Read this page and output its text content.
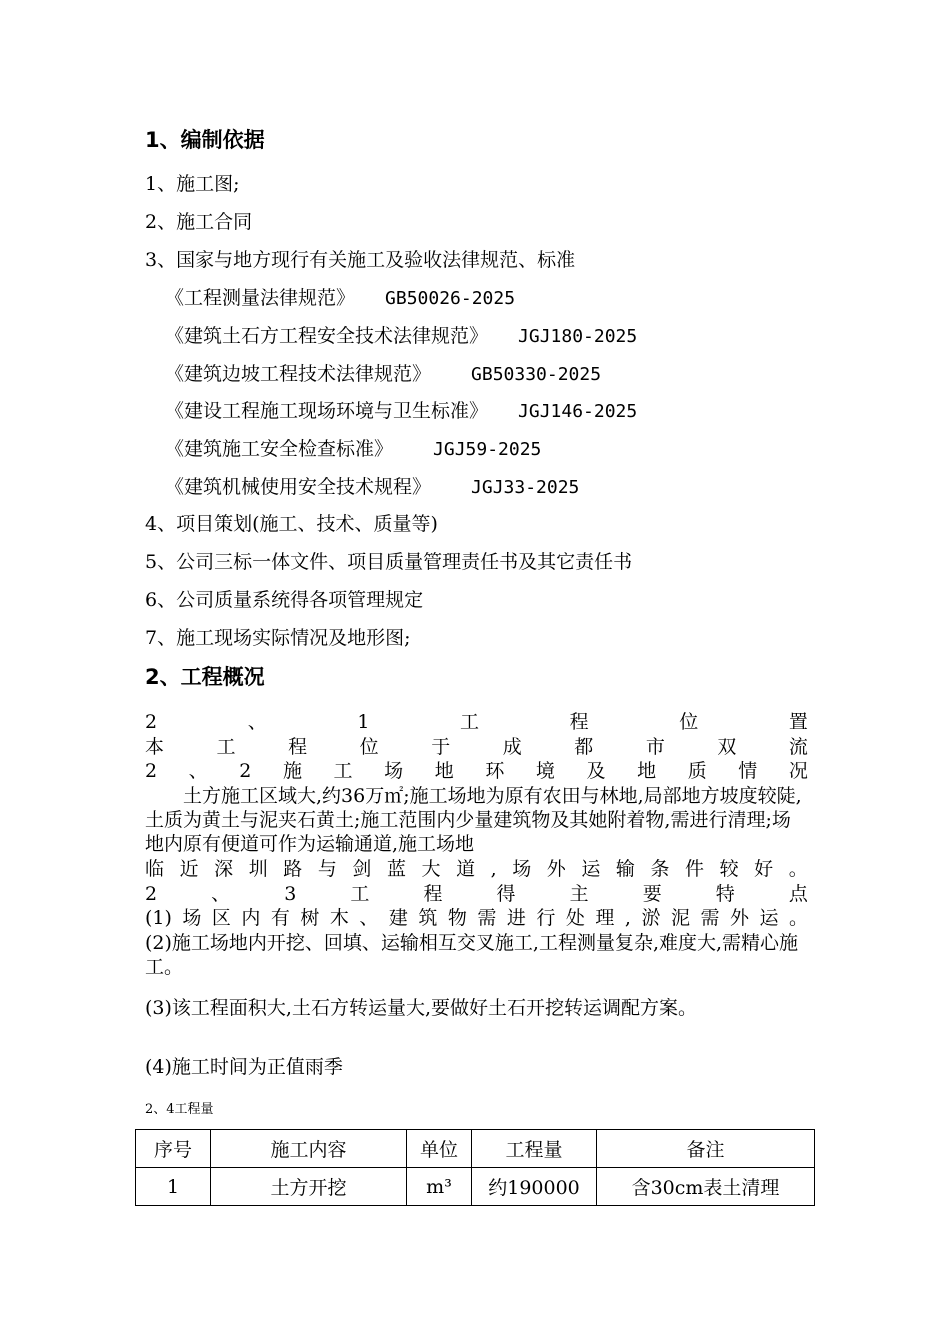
1、编制依据
1、施工图;
2、施工合同
3、国家与地方现行有关施工及验收法律规范、标准
《工程测量法律规范》 GB50026-2025
《建筑土石方工程安全技术法律规范》 JGJ180-2025
《建筑边坡工程技术法律规范》 GB50330-2025
《建设工程施工现场环境与卫生标准》 JGJ146-2025
《建筑施工安全检查标准》 JGJ59-2025
《建筑机械使用安全技术规程》 JGJ33-2025
4、项目策划(施工、技术、质量等)
5、公司三标一体文件、项目质量管理责任书及其它责任书
6、公司质量系统得各项管理规定
7、施工现场实际情况及地形图;
2、工程概况
2	、	1	工	程	位	置
本	工	程	位	于	成	都	市	双	流
2 、 2 施 工 场 地 环 境 及 地 质 情 况
土方施工区域大,约36万㎡;施工场地为原有农田与林地,局部地方坡度较陡,土质为黄土与泥夹石黄土;施工范围内少量建筑物及其她附着物,需进行清理;场地内原有便道可作为运输通道,施工场地
临 近 深 圳 路 与 剑 蓝 大 道 , 场 外 运 输 条 件 较 好 。
2	、	3	工	程	得	主	要	特	点
(1) 场 区 内 有 树 木 、 建 筑 物 需 进 行 处 理 , 淤 泥 需 外 运 。
(2)施工场地内开挖、回填、运输相互交叉施工,工程测量复杂,难度大,需精心施工。
(3)该工程面积大,土石方转运量大,要做好土石开挖转运调配方案。
(4)施工时间为正值雨季
2、4工程量
序号	施工内容	单位	工程量	备注
1	土方开挖	m³	约190000	含30cm表土清理
